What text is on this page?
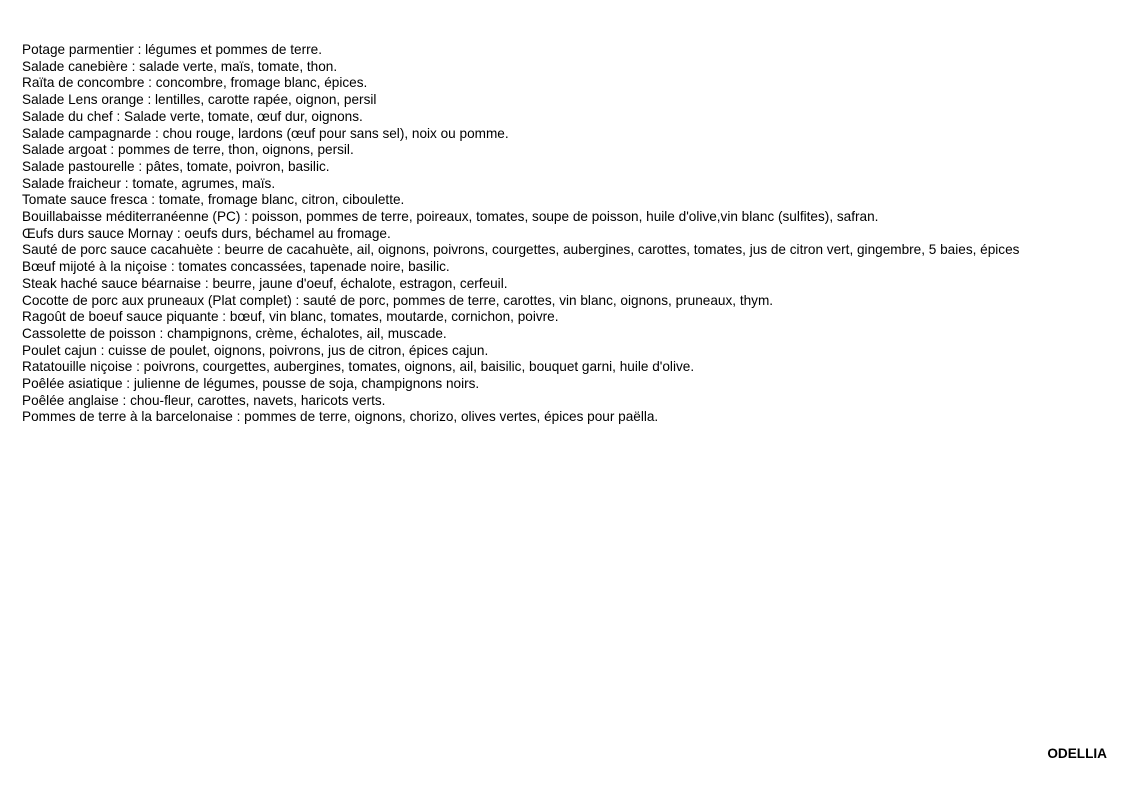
Potage parmentier : légumes et pommes de terre.
Salade canebière : salade verte, maïs, tomate, thon.
Raïta de concombre : concombre, fromage blanc, épices.
Salade Lens orange : lentilles, carotte rapée, oignon, persil
Salade du chef : Salade verte, tomate, œuf dur, oignons.
Salade campagnarde : chou rouge, lardons (œuf pour sans sel), noix ou pomme.
Salade argoat : pommes de terre, thon, oignons, persil.
Salade pastourelle : pâtes, tomate, poivron, basilic.
Salade fraicheur : tomate, agrumes, maïs.
Tomate sauce fresca : tomate, fromage blanc, citron, ciboulette.
Bouillabaisse méditerranéenne (PC) : poisson, pommes de terre, poireaux, tomates, soupe de poisson, huile d'olive,vin blanc (sulfites), safran.
Œufs durs sauce Mornay : oeufs durs, béchamel au fromage.
Sauté de porc sauce cacahuète : beurre de cacahuète, ail, oignons, poivrons, courgettes, aubergines, carottes, tomates, jus de citron vert, gingembre, 5 baies, épices
Bœuf mijoté à la niçoise : tomates concassées, tapenade noire, basilic.
Steak haché sauce béarnaise : beurre, jaune d'oeuf, échalote, estragon, cerfeuil.
Cocotte de porc aux pruneaux (Plat complet) : sauté de porc, pommes de terre, carottes, vin blanc, oignons, pruneaux, thym.
Ragoût de boeuf sauce piquante : bœuf, vin blanc, tomates, moutarde, cornichon, poivre.
Cassolette de poisson : champignons, crème, échalotes, ail, muscade.
Poulet cajun : cuisse de poulet, oignons, poivrons, jus de citron, épices cajun.
Ratatouille niçoise : poivrons, courgettes, aubergines, tomates, oignons, ail, baisilic, bouquet garni, huile d'olive.
Poêlée asiatique : julienne de légumes, pousse de soja, champignons noirs.
Poêlée anglaise : chou-fleur, carottes, navets, haricots verts.
Pommes de terre à la barcelonaise : pommes de terre, oignons, chorizo, olives vertes, épices pour paëlla.
ODELLIA
